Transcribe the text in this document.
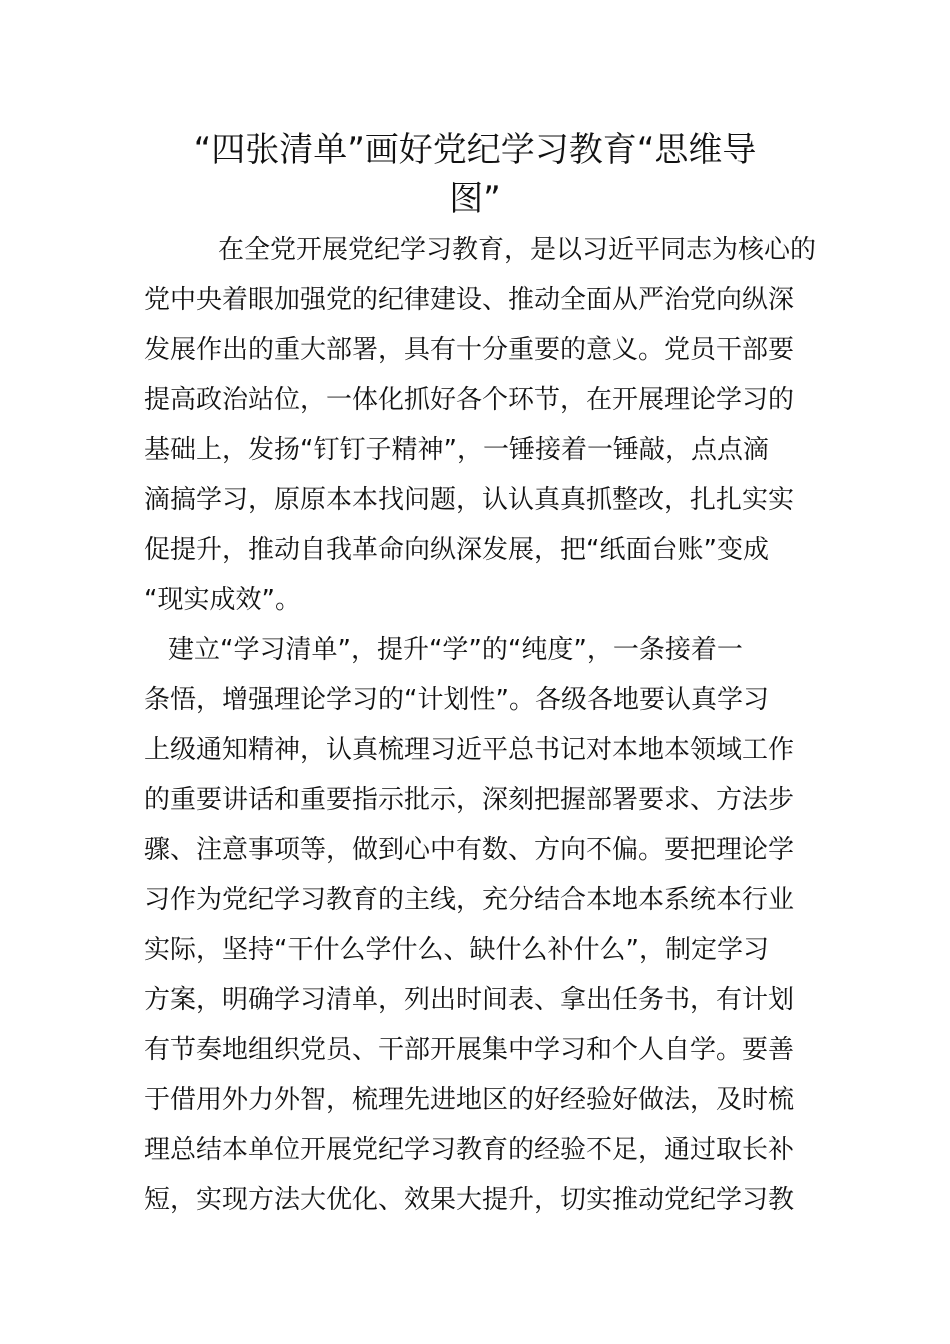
“四张清单”画好党纪学习教育“思维导
图”
在全党开展党纪学习教育，是以习近平同志为核心的
党中央着眼加强党的纪律建设、推动全面从严治党向纵深
发展作出的重大部署，具有十分重要的意义。党员干部要
提高政治站位，一体化抓好各个环节，在开展理论学习的
基础上，发扬“钉钉子精神”，一锤接着一锤敲，点点滴
滴搞学习，原原本本找问题，认认真真抓整改，扎扎实实
促提升，推动自我革命向纵深发展，把“纸面台账”变成
“现实成效”。
建立“学习清单”，提升“学”的“纯度”，一条接着一
条悟，增强理论学习的“计划性”。各级各地要认真学习
上级通知精神，认真梳理习近平总书记对本地本领域工作
的重要讲话和重要指示批示，深刻把握部署要求、方法步
骤、注意事项等，做到心中有数、方向不偏。要把理论学
习作为党纪学习教育的主线，充分结合本地本系统本行业
实际，坚持“干什么学什么、缺什么补什么”，制定学习
方案，明确学习清单，列出时间表、拿出任务书，有计划
有节奏地组织党员、干部开展集中学习和个人自学。要善
于借用外力外智，梳理先进地区的好经验好做法，及时梳
理总结本单位开展党纪学习教育的经验不足，通过取长补
短，实现方法大优化、效果大提升，切实推动党纪学习教
